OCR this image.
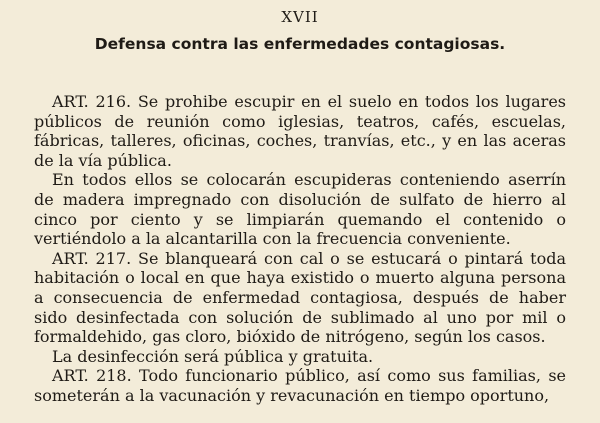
XVII
Defensa contra las enfermedades contagiosas.

ART. 216. Se prohibe escupir en el suelo en todos los lugares públicos de reunión como iglesias, teatros, cafés, escuelas, fábricas, talleres, oficinas, coches, tranvías, etc., y en las aceras de la vía pública.

En todos ellos se colocarán escupideras conteniendo aserrín de madera impregnado con disolución de sulfato de hierro al cinco por ciento y se limpiarán quemando el contenido o vertiéndolo a la alcantarilla con la frecuencia conveniente.

ART. 217. Se blanqueará con cal o se estucará o pintará toda habitación o local en que haya existido o muerto alguna persona a consecuencia de enfermedad contagiosa, después de haber sido desinfectada con solución de sublimado al uno por mil o formaldehido, gas cloro, bióxido de nitrógeno, según los casos.

La desinfección será pública y gratuita.

ART. 218. Todo funcionario público, así como sus familias, se someterán a la vacunación y revacunación en tiempo oportuno,
